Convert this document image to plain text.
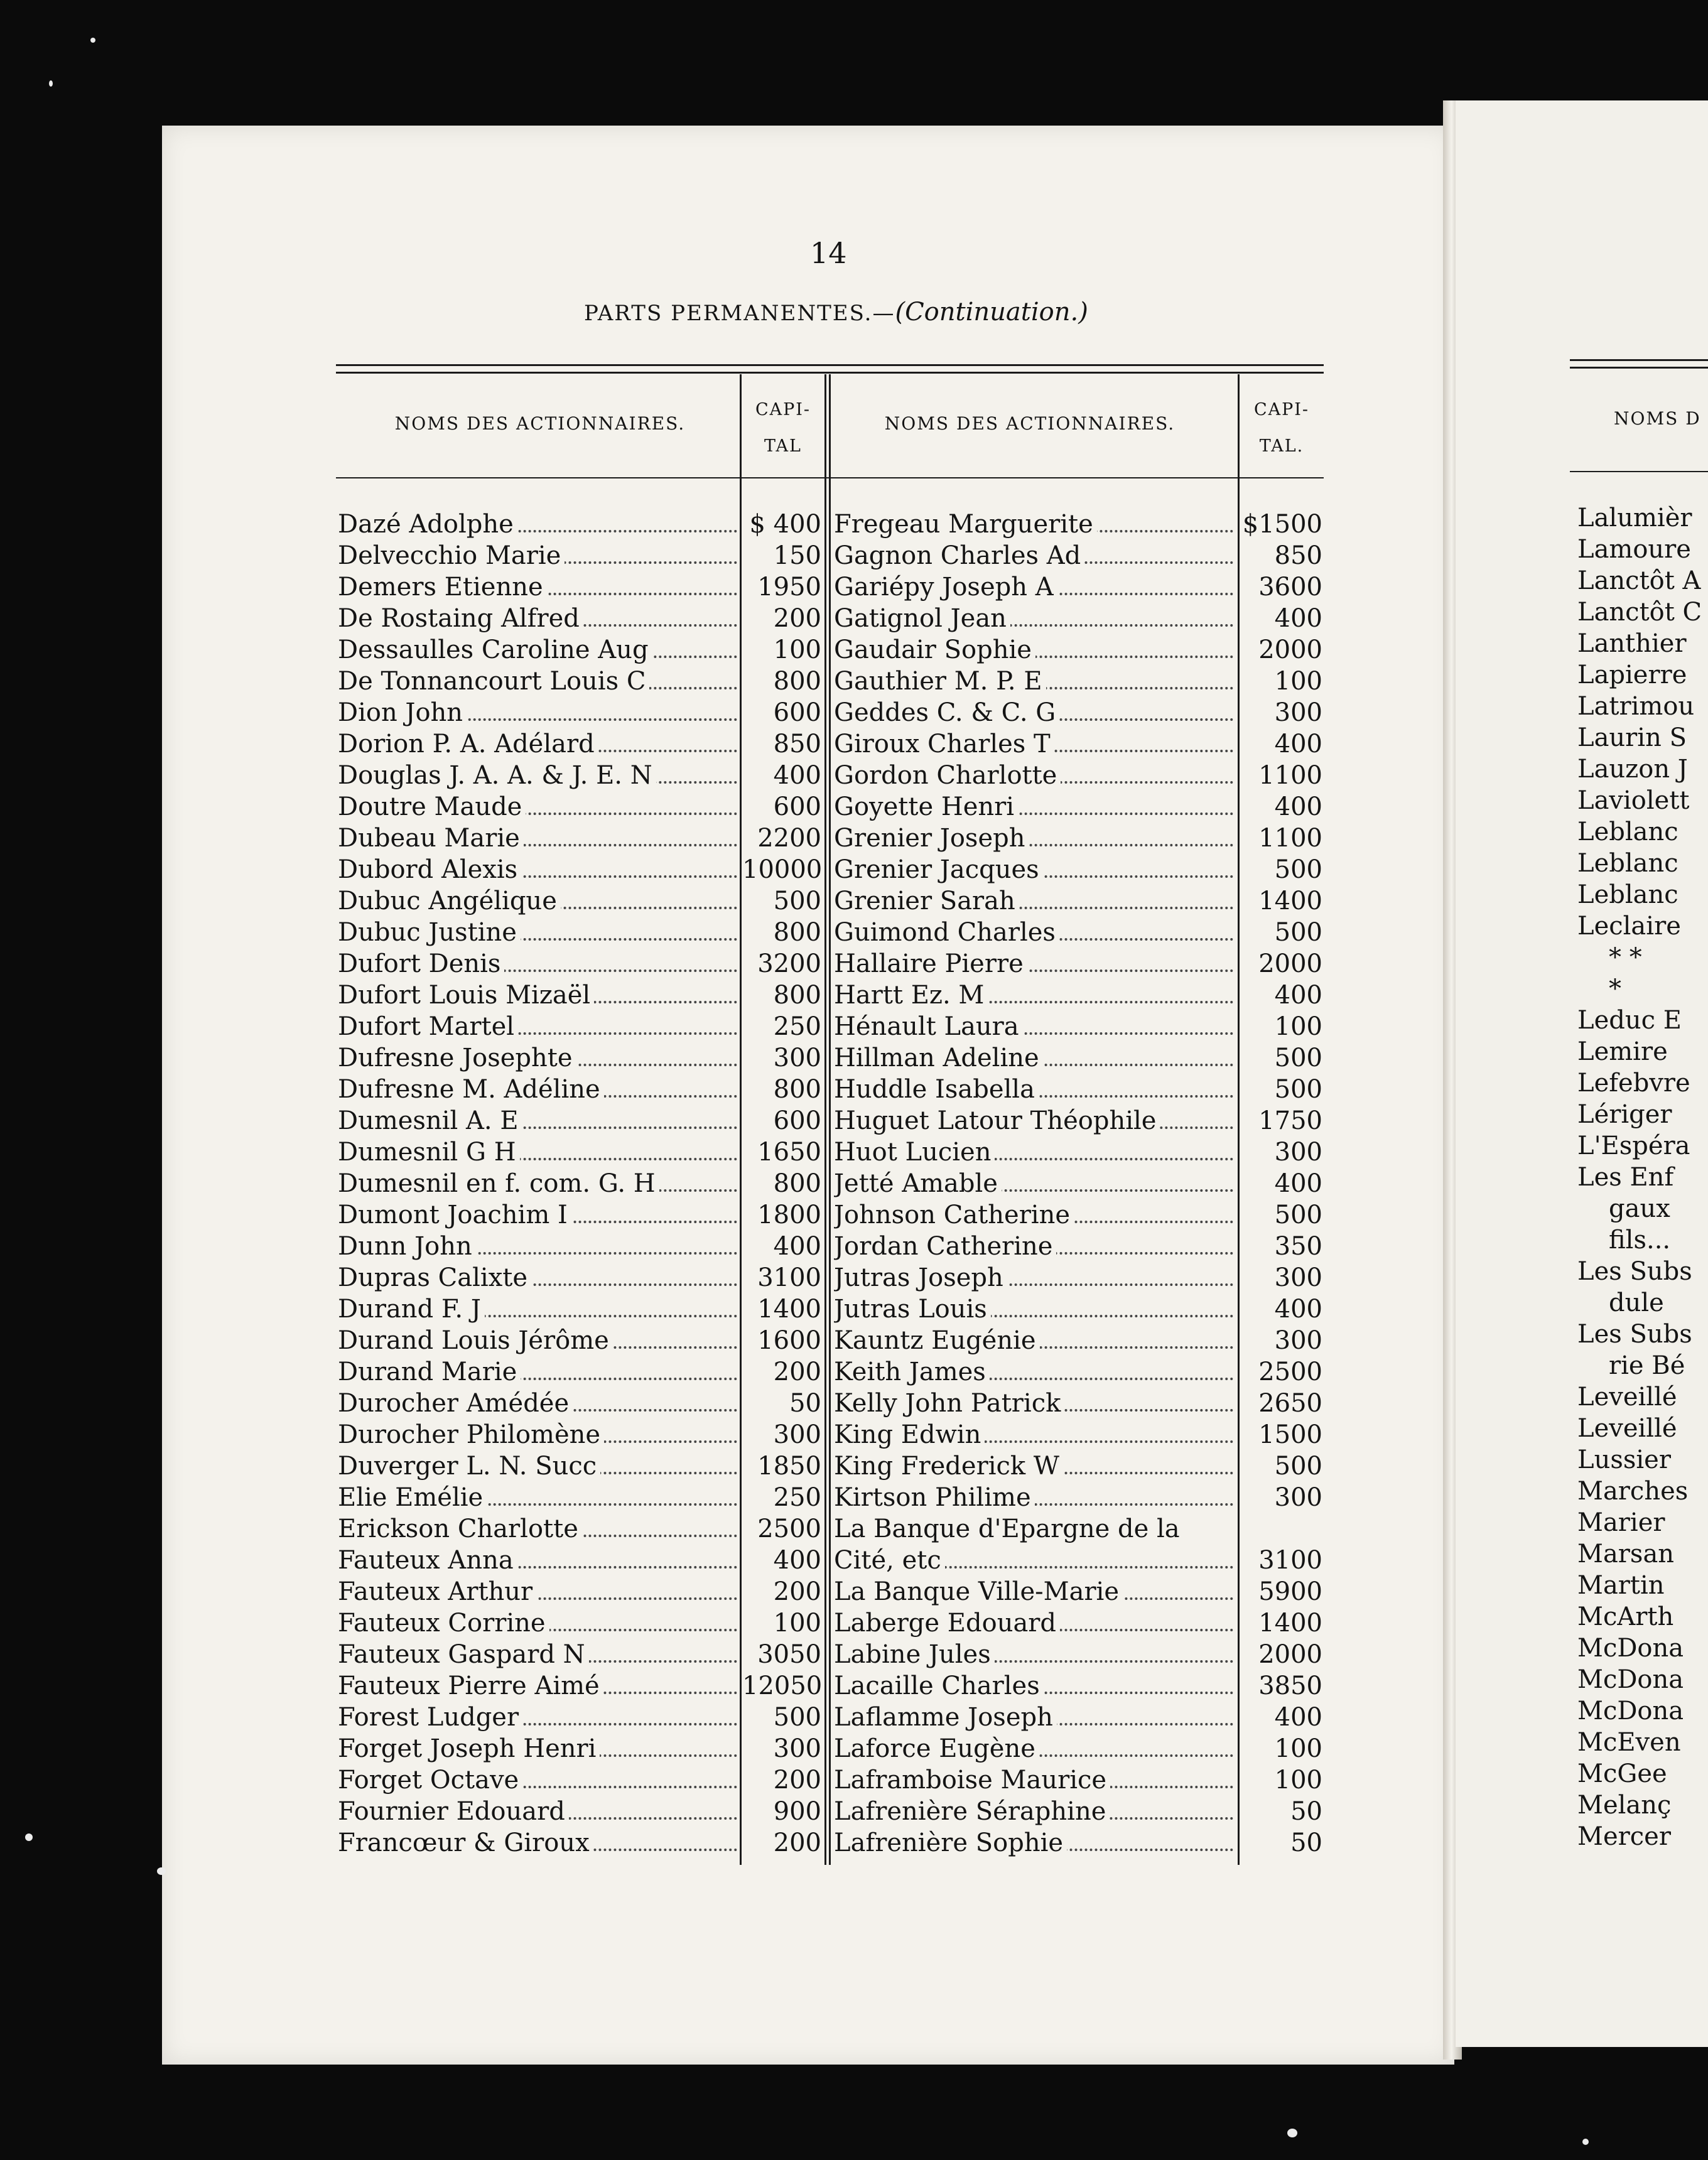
14
PARTS PERMANENTES.—(Continuation.)
NOMS DES ACTIONNAIRES.
CAPI-
TAL
NOMS DES ACTIONNAIRES.
CAPI-
TAL.
Dazé Adolphe	$ 400
Delvecchio Marie	150
Demers Etienne	1950
De Rostaing Alfred	200
Dessaulles Caroline Aug	100
De Tonnancourt Louis C	800
Dion John	600
Dorion P. A. Adélard	850
Douglas J. A. A. & J. E. N	400
Doutre Maude	600
Dubeau Marie	2200
Dubord Alexis	10000
Dubuc Angélique	500
Dubuc Justine	800
Dufort Denis	3200
Dufort Louis Mizaël	800
Dufort Martel	250
Dufresne Josephte	300
Dufresne M. Adéline	800
Dumesnil A. E	600
Dumesnil G H	1650
Dumesnil en f. com. G. H	800
Dumont Joachim I	1800
Dunn John	400
Dupras Calixte	3100
Durand F. J	1400
Durand Louis Jérôme	1600
Durand Marie	200
Durocher Amédée	50
Durocher Philomène	300
Duverger L. N. Succ	1850
Elie Emélie	250
Erickson Charlotte	2500
Fauteux Anna	400
Fauteux Arthur	200
Fauteux Corrine	100
Fauteux Gaspard N	3050
Fauteux Pierre Aimé	12050
Forest Ludger	500
Forget Joseph Henri	300
Forget Octave	200
Fournier Edouard	900
Francœur & Giroux	200
Fregeau Marguerite	$1500
Gagnon Charles Ad	850
Gariépy Joseph A	3600
Gatignol Jean	400
Gaudair Sophie	2000
Gauthier M. P. E	100
Geddes C. & C. G	300
Giroux Charles T	400
Gordon Charlotte	1100
Goyette Henri	400
Grenier Joseph	1100
Grenier Jacques	500
Grenier Sarah	1400
Guimond Charles	500
Hallaire Pierre	2000
Hartt Ez. M	400
Hénault Laura	100
Hillman Adeline	500
Huddle Isabella	500
Huguet Latour Théophile	1750
Huot Lucien	300
Jetté Amable	400
Johnson Catherine	500
Jordan Catherine	350
Jutras Joseph	300
Jutras Louis	400
Kauntz Eugénie	300
Keith James	2500
Kelly John Patrick	2650
King Edwin	1500
King Frederick W	500
Kirtson Philime	300
La Banque d'Epargne de la
Cité, etc	3100
La Banque Ville-Marie	5900
Laberge Edouard	1400
Labine Jules	2000
Lacaille Charles	3850
Laflamme Joseph	400
Laforce Eugène	100
Laframboise Maurice	100
Lafrenière Séraphine	50
Lafrenière Sophie	50
NOMS D
Lalumièr
Lamoure
Lanctôt A
Lanctôt C
Lanthier
Lapierre
Latrimou
Laurin S
Lauzon J
Laviolett
Leblanc
Leblanc
Leblanc
Leclaire
* *
*
Leduc E
Lemire
Lefebvre
Lériger
L'Espéra
Les Enf
gaux
fils...
Les Subs
dule
Les Subs
rie Bé
Leveillé
Leveillé
Lussier
Marches
Marier
Marsan
Martin
McArth
McDona
McDona
McDona
McEven
McGee
Melanç
Mercer
